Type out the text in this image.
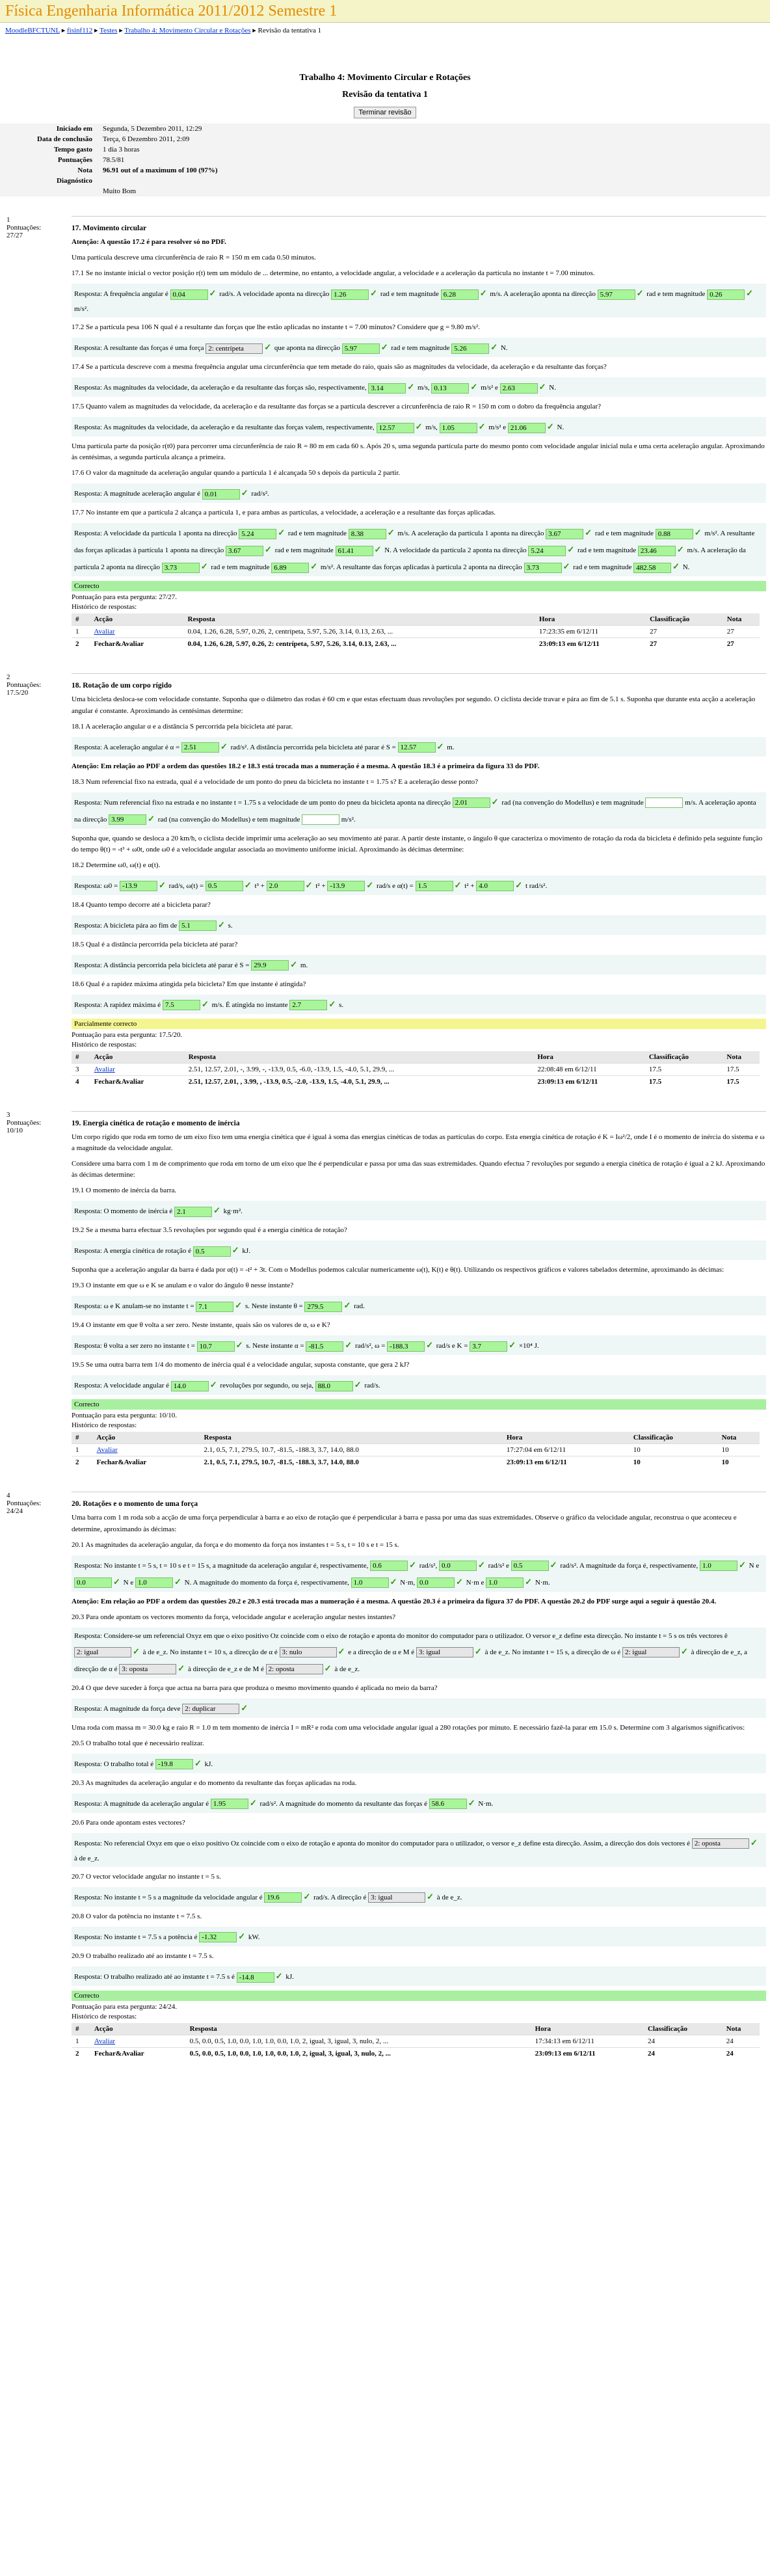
Física Engenharia Informática 2011/2012 Semestre 1
MoodleBFCTUNL ▸ fisinf112 ▸ Testes ▸ Trabalho 4: Movimento Circular e Rotações ▸ Revisão da tentativa 1
Trabalho 4: Movimento Circular e Rotações
Revisão da tentativa 1
Terminar revisão
Iniciado em	Segunda, 5 Dezembro 2011, 12:29
Data de conclusão	Terça, 6 Dezembro 2011, 2:09
Tempo gasto	1 dia 3 horas
Pontuações	78.5/81
Nota	96.91 out of a maximum of 100 (97%)
Diagnóstico	
	Muito Bom
1
Pontuações:
27/27
17. Movimento circular
Atenção: A questão 17.2 é para resolver só no PDF.
Uma partícula descreve uma circunferência de raio R = 150 m em cada 0.50 minutos.
17.1 Se no instante inicial o vector posição r(t) tem um módulo de ... determine, no entanto, a velocidade angular, a velocidade e a aceleração da partícula no instante t = 7.00 minutos.
Resposta: A frequência angular é 0.04	✓ rad/s. A velocidade aponta na direcção 1.26	✓ rad e tem magnitude 6.28	✓ m/s. A aceleração aponta na direcção 5.97	✓ rad e tem magnitude 0.26	✓ m/s².
17.2 Se a partícula pesa 106 N qual é a resultante das forças que lhe estão aplicadas no instante t = 7.00 minutos? Considere que g = 9.80 m/s².
Resposta: A resultante das forças é uma força 2: centrípeta ✓ que aponta na direcção 5.97	✓ rad e tem magnitude 5.26	✓ N.
17.4 Se a partícula descreve com a mesma frequência angular uma circunferência que tem metade do raio, quais são as magnitudes da velocidade, da aceleração e da resultante das forças?
Resposta: As magnitudes da velocidade, da aceleração e da resultante das forças são, respectivamente, 3.14	✓ m/s, 0.13	✓ m/s² e 2.63	✓ N.
17.5 Quanto valem as magnitudes da velocidade, da aceleração e da resultante das forças se a partícula descrever a circunferência de raio R = 150 m com o dobro da frequência angular?
Resposta: As magnitudes da velocidade, da aceleração e da resultante das forças valem, respectivamente, 12.57 ✓ m/s, 1.05	✓ m/s² e 21.06 ✓ N.
Uma partícula parte da posição r(t0) para percorrer uma circunferência de raio R = 80 m em cada 60 s. Após 20 s, uma segunda partícula parte do mesmo ponto com velocidade angular inicial nula e uma certa aceleração angular. Aproximando às centésimas, a segunda partícula alcança a primeira.
17.6 O valor da magnitude da aceleração angular quando a partícula 1 é alcançada 50 s depois da partícula 2 partir.
Resposta: A magnitude aceleração angular é 0.01	✓ rad/s².
17.7 No instante em que a partícula 2 alcança a partícula 1, e para ambas as partículas, a velocidade, a aceleração e a resultante das forças aplicadas.
Resposta: A velocidade da partícula 1 aponta na direcção 5.24	✓ rad e tem magnitude 8.38	✓ m/s. A aceleração da partícula 1 aponta na direcção 3.67	✓ rad e tem magnitude 0.88	✓ m/s². A resultante das forças aplicadas à partícula 1 aponta na direcção 3.67	✓ rad e tem magnitude 61.41 ✓ N. A velocidade da partícula 2 aponta na direcção 5.24	✓ rad e tem magnitude 23.46 ✓ m/s. A aceleração da partícula 2 aponta na direcção 3.73	✓ rad e tem magnitude 6.89	✓ m/s². A resultante das forças aplicadas à partícula 2 aponta na direcção 3.73	✓ rad e tem magnitude 482.58 ✓ N.
Correcto
Pontuação para esta pergunta: 27/27.
Histórico de respostas:
#	Acção	Resposta	Hora	Classificação	Nota
1	Avaliar	0.04, 1.26, 6.28, 5.97, 0.26, 2, centrípeta, 5.97, 5.26, 3.14, 0.13, 2.63, ...	17:23:35 em 6/12/11	27	27
2	Fechar&Avaliar	0.04, 1.26, 6.28, 5.97, 0.26, 2: centrípeta, 5.97, 5.26, 3.14, 0.13, 2.63, ...	23:09:13 em 6/12/11	27	27
2
Pontuações:
17.5/20
18. Rotação de um corpo rígido
Uma bicicleta desloca-se com velocidade constante. Suponha que o diâmetro das rodas é 60 cm e que estas efectuam duas revoluções por segundo. O ciclista decide travar e pára ao fim de 5.1 s. Suponha que durante esta acção a aceleração angular é constante. Aproximando às centésimas determine:
18.1 A aceleração angular α e a distância S percorrida pela bicicleta até parar.
Resposta: A aceleração angular é α = 2.51	✓ rad/s². A distância percorrida pela bicicleta até parar é S = 12.57 ✓ m.
Atenção: Em relação ao PDF a ordem das questões 18.2 e 18.3 está trocada mas a numeração é a mesma. A questão 18.3 é a primeira da figura 33 do PDF.
18.3 Num referencial fixo na estrada, qual é a velocidade de um ponto do pneu da bicicleta no instante t = 1.75 s? E a aceleração desse ponto?
Resposta: Num referencial fixo na estrada e no instante t = 1.75 s a velocidade de um ponto do pneu da bicicleta aponta na direcção 2.01	✓ rad (na convenção do Modellus) e tem magnitude	m/s. A aceleração aponta na direcção 3.99	✓ rad (na convenção do Modellus) e tem magnitude	m/s².
Suponha que, quando se desloca a 20 km/h, o ciclista decide imprimir uma aceleração ao seu movimento até parar. A partir deste instante, o ângulo θ que caracteriza o movimento de rotação da roda da bicicleta é definido pela seguinte função do tempo θ(t) = -t³ + ω0t, onde ω0 é a velocidade angular associada ao movimento uniforme inicial. Aproximando às décimas determine:
18.2 Determine ω0, ω(t) e α(t).
Resposta: ω0 = -13.9	✓ rad/s, ω(t) = 0.5	✓ t³ + 2.0	✓ t² + -13.9	✓ rad/s e α(t) = 1.5	✓ t² + 4.0	✓ t rad/s².
18.4 Quanto tempo decorre até a bicicleta parar?
Resposta: A bicicleta pára ao fim de 5.1	✓ s.
18.5 Qual é a distância percorrida pela bicicleta até parar?
Resposta: A distância percorrida pela bicicleta até parar é S = 29.9	✓ m.
18.6 Qual é a rapidez máxima atingida pela bicicleta? Em que instante é atingida?
Resposta: A rapidez máxima é 7.5	✓ m/s. É atingida no instante 2.7	✓ s.
Parcialmente correcto
Pontuação para esta pergunta: 17.5/20.
Histórico de respostas:
#	Acção	Resposta	Hora	Classificação	Nota
3	Avaliar	2.51, 12.57, 2.01, -, 3.99, -, -13.9, 0.5, -6.0, -13.9, 1.5, -4.0, 5.1, 29.9, ...	22:08:48 em 6/12/11	17.5	17.5
4	Fechar&Avaliar	2.51, 12.57, 2.01, , 3.99, , -13.9, 0.5, -2.0, -13.9, 1.5, -4.0, 5.1, 29.9, ...	23:09:13 em 6/12/11	17.5	17.5
3
Pontuações:
10/10
19. Energia cinética de rotação e momento de inércia
Um corpo rígido que roda em torno de um eixo fixo tem uma energia cinética que é igual à soma das energias cinéticas de todas as partículas do corpo. Esta energia cinética de rotação é K = Iω²/2, onde I é o momento de inércia do sistema e ω a magnitude da velocidade angular.
Considere uma barra com 1 m de comprimento que roda em torno de um eixo que lhe é perpendicular e passa por uma das suas extremidades. Quando efectua 7 revoluções por segundo a energia cinética de rotação é igual a 2 kJ. Aproximando às décimas determine:
19.1 O momento de inércia da barra.
Resposta: O momento de inércia é 2.1	✓ kg·m².
19.2 Se a mesma barra efectuar 3.5 revoluções por segundo qual é a energia cinética de rotação?
Resposta: A energia cinética de rotação é 0.5	✓ kJ.
Suponha que a aceleração angular da barra é dada por α(t) = -t² + 3t. Com o Modellus podemos calcular numericamente ω(t), K(t) e θ(t). Utilizando os respectivos gráficos e valores tabelados determine, aproximando às décimas:
19.3 O instante em que ω e K se anulam e o valor do ângulo θ nesse instante?
Resposta: ω e K anulam-se no instante t = 7.1	✓ s. Neste instante θ = 279.5 ✓ rad.
19.4 O instante em que θ volta a ser zero. Neste instante, quais são os valores de α, ω e K?
Resposta: θ volta a ser zero no instante t = 10.7	✓ s. Neste instante α = -81.5	✓ rad/s², ω = -188.3 ✓ rad/s e K = 3.7	✓ ×10⁴ J.
19.5 Se uma outra barra tem 1/4 do momento de inércia qual é a velocidade angular, suposta constante, que gera 2 kJ?
Resposta: A velocidade angular é 14.0	✓ revoluções por segundo, ou seja, 88.0	✓ rad/s.
Correcto
Pontuação para esta pergunta: 10/10.
Histórico de respostas:
#	Acção	Resposta	Hora	Classificação	Nota
1	Avaliar	2.1, 0.5, 7.1, 279.5, 10.7, -81.5, -188.3, 3.7, 14.0, 88.0	17:27:04 em 6/12/11	10	10
2	Fechar&Avaliar	2.1, 0.5, 7.1, 279.5, 10.7, -81.5, -188.3, 3.7, 14.0, 88.0	23:09:13 em 6/12/11	10	10
4
Pontuações:
24/24
20. Rotações e o momento de uma força
Uma barra com 1 m roda sob a acção de uma força perpendicular à barra e ao eixo de rotação que é perpendicular à barra e passa por uma das suas extremidades. Observe o gráfico da velocidade angular, reconstrua o que aconteceu e determine, aproximando às décimas:
20.1 As magnitudes da aceleração angular, da força e do momento da força nos instantes t = 5 s, t = 10 s e t = 15 s.
Resposta: No instante t = 5 s, t = 10 s e t = 15 s, a magnitude da aceleração angular é, respectivamente, 0.6	✓ rad/s², 0.0	✓ rad/s² e 0.5	✓ rad/s². A magnitude da força é, respectivamente, 1.0	✓ N e 0.0	✓ N e 1.0	✓ N. A magnitude do momento da força é, respectivamente, 1.0	✓ N·m, 0.0	✓ N·m e 1.0	✓ N·m.
Atenção: Em relação ao PDF a ordem das questões 20.2 e 20.3 está trocada mas a numeração é a mesma. A questão 20.3 é a primeira da figura 37 do PDF. A questão 20.2 do PDF surge aqui a seguir à questão 20.4.
20.3 Para onde apontam os vectores momento da força, velocidade angular e aceleração angular nestes instantes?
Resposta: Considere-se um referencial Oxyz em que o eixo positivo Oz coincide com o eixo de rotação e aponta do monitor do computador para o utilizador. O versor e_z define esta direcção. No instante t = 5 s os três vectores ê 2: igual	✓ à de e_z. No instante t = 10 s, a direcção de α é 3: nulo	✓ e a direcção de α e M é 3: igual	✓ à de e_z. No instante t = 15 s, a direcção de ω é 2: igual	✓ à direcção de e_z, a direcção de α é 3: oposta	✓ à direcção de e_z e de M é 2: oposta	✓ à de e_z.
20.4 O que deve suceder à força que actua na barra para que produza o mesmo movimento quando é aplicada no meio da barra?
Resposta: A magnitude da força deve 2: duplicar	✓
Uma roda com massa m = 30.0 kg e raio R = 1.0 m tem momento de inércia I = mR² e roda com uma velocidade angular igual a 280 rotações por minuto. E necessário fazê-la parar em 15.0 s. Determine com 3 algarismos significativos:
20.5 O trabalho total que é necessário realizar.
Resposta: O trabalho total é -19.8	✓ kJ.
20.3 As magnitudes da aceleração angular e do momento da resultante das forças aplicadas na roda.
Resposta: A magnitude da aceleração angular é 1.95	✓ rad/s². A magnitude do momento da resultante das forças é 58.6	✓ N·m.
20.6 Para onde apontam estes vectores?
Resposta: No referencial Oxyz em que o eixo positivo Oz coincide com o eixo de rotação e aponta do monitor do computador para o utilizador, o versor e_z define esta direcção. Assim, a direcção dos dois vectores é 2: oposta	✓ à de e_z.
20.7 O vector velocidade angular no instante t = 5 s.
Resposta: No instante t = 5 s a magnitude da velocidade angular é 19.6	✓ rad/s. A direcção é 3: igual	✓ à de e_z.
20.8 O valor da potência no instante t = 7.5 s.
Resposta: No instante t = 7.5 s a potência é -1.32	✓ kW.
20.9 O trabalho realizado até ao instante t = 7.5 s.
Resposta: O trabalho realizado até ao instante t = 7.5 s é -14.8	✓ kJ.
Correcto
Pontuação para esta pergunta: 24/24.
Histórico de respostas:
#	Acção	Resposta	Hora	Classificação	Nota
1	Avaliar	0.5, 0.0, 0.5, 1.0, 0.0, 1.0, 1.0, 0.0, 1.0, 2, igual, 3, igual, 3, nulo, 2, ...	17:34:13 em 6/12/11	24	24
2	Fechar&Avaliar	0.5, 0.0, 0.5, 1.0, 0.0, 1.0, 1.0, 0.0, 1.0, 2, igual, 3, igual, 3, nulo, 2, ...	23:09:13 em 6/12/11	24	24
